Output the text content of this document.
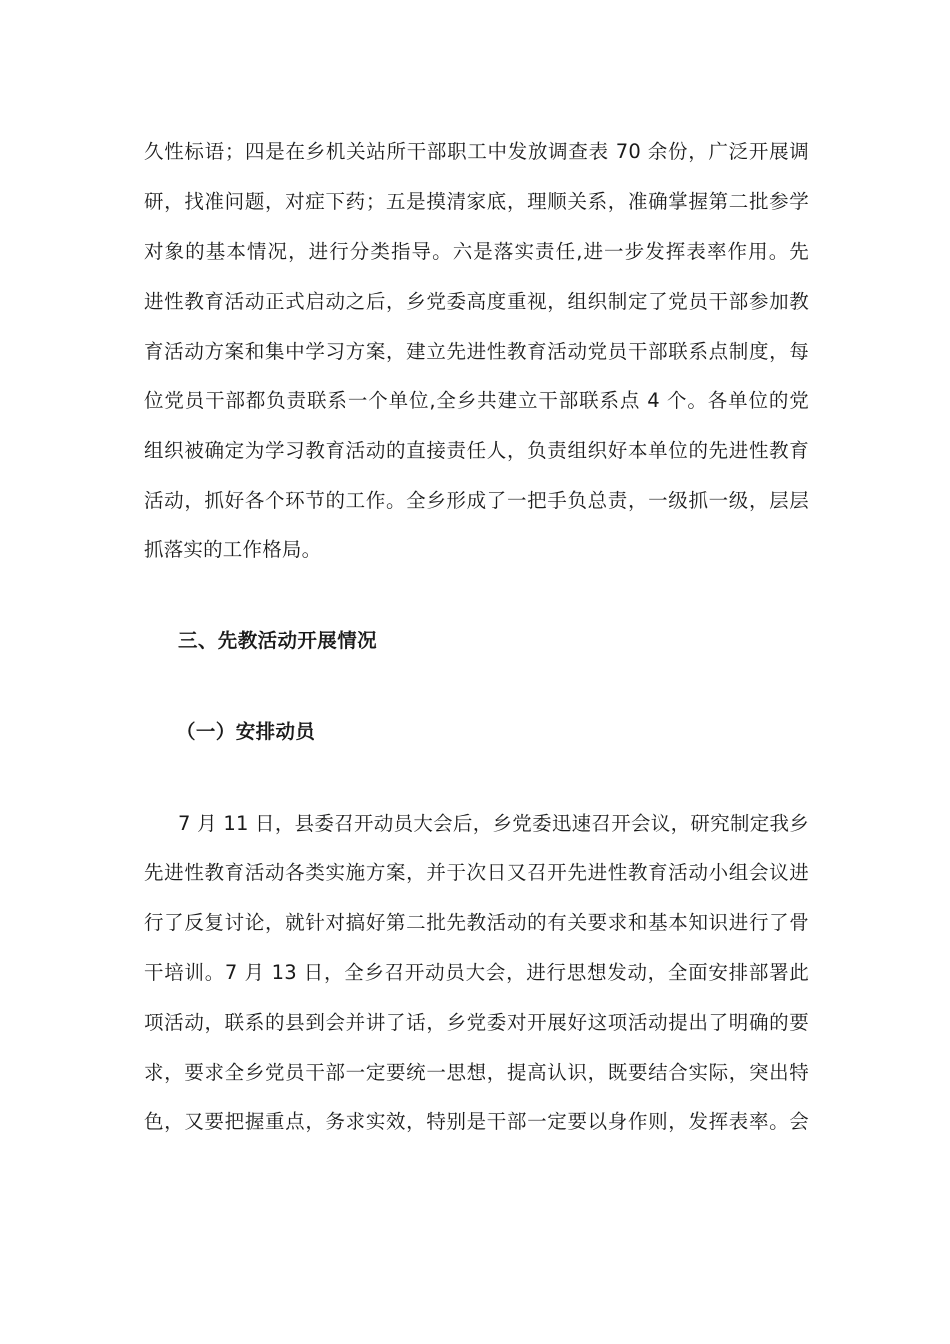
久性标语；四是在乡机关站所干部职工中发放调查表 70 余份，广泛开展调
研，找准问题，对症下药；五是摸清家底，理顺关系，准确掌握第二批参学
对象的基本情况，进行分类指导。六是落实责任,进一步发挥表率作用。先
进性教育活动正式启动之后，乡党委高度重视，组织制定了党员干部参加教
育活动方案和集中学习方案，建立先进性教育活动党员干部联系点制度，每
位党员干部都负责联系一个单位,全乡共建立干部联系点 4 个。各单位的党
组织被确定为学习教育活动的直接责任人，负责组织好本单位的先进性教育
活动，抓好各个环节的工作。全乡形成了一把手负总责，一级抓一级，层层
抓落实的工作格局。
三、先教活动开展情况
（一）安排动员
7 月 11 日，县委召开动员大会后，乡党委迅速召开会议，研究制定我乡
先进性教育活动各类实施方案，并于次日又召开先进性教育活动小组会议进
行了反复讨论，就针对搞好第二批先教活动的有关要求和基本知识进行了骨
干培训。7 月 13 日，全乡召开动员大会，进行思想发动，全面安排部署此
项活动，联系的县到会并讲了话，乡党委对开展好这项活动提出了明确的要
求，要求全乡党员干部一定要统一思想，提高认识，既要结合实际，突出特
色，又要把握重点，务求实效，特别是干部一定要以身作则，发挥表率。会
